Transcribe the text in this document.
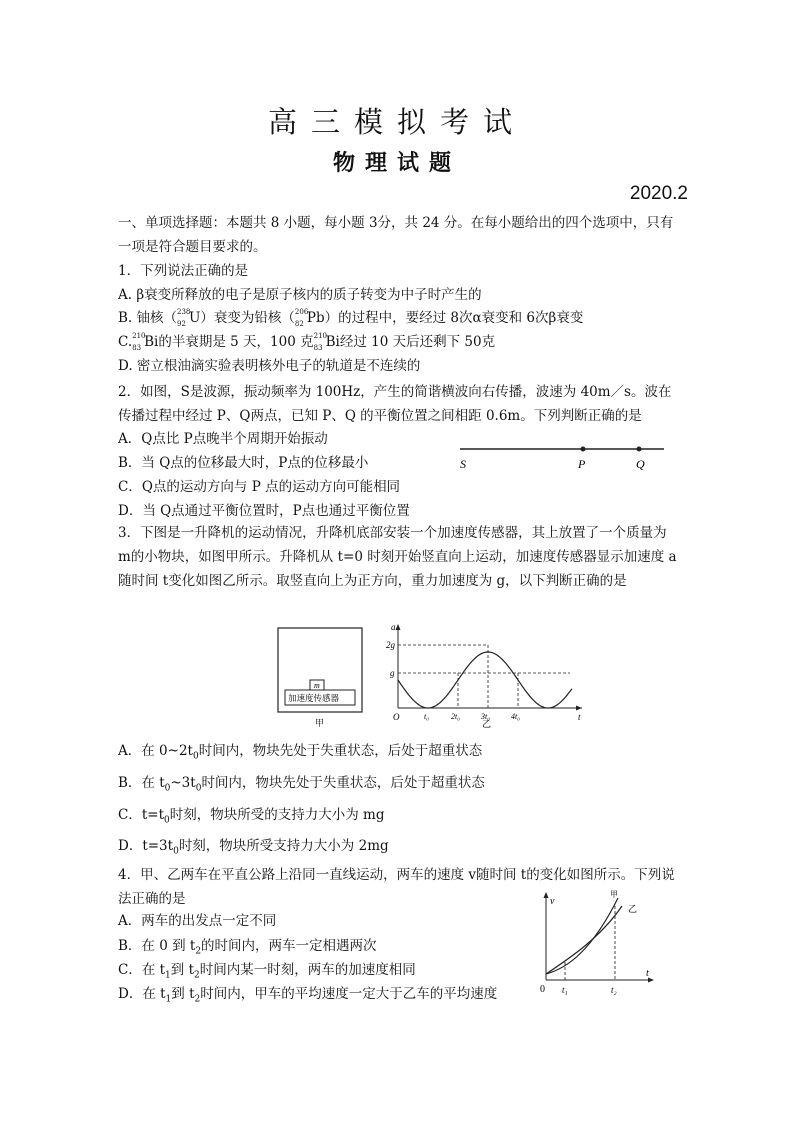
高三模拟考试
物理试题
2020.2
一、单项选择题：本题共 8 小题，每小题 3分，共 24 分。在每小题给出的四个选项中，只有一项是符合题目要求的。
1．下列说法正确的是
A. β衰变所释放的电子是原子核内的质子转变为中子时产生的
B. 铀核（ 238
92 U）衰变为铅核（ 206
82 Pb）的过程中，要经过 8次α衰变和 6次β衰变
C. 210
83 Bi的半衰期是 5 天，100 克 210
83 Bi经过 10 天后还剩下 50克
D. 密立根油滴实验表明核外电子的轨道是不连续的
2．如图，S是波源，振动频率为 100Hz，产生的简谐横波向右传播，波速为 40m／s。波在传播过程中经过 P、Q两点，已知 P、Q 的平衡位置之间相距 0.6m。下列判断正确的是
A．Q点比 P点晚半个周期开始振动
B．当 Q点的位移最大时，P点的位移最小
C．Q点的运动方向与 P 点的运动方向可能相同
D．当 Q点通过平衡位置时，P点也通过平衡位置
S	P	Q
3．下图是一升降机的运动情况，升降机底部安装一个加速度传感器，其上放置了一个质量为 m的小物块，如图甲所示。升降机从 t=0 时刻开始竖直向上运动，加速度传感器显示加速度 a随时间 t变化如图乙所示。取竖直向上为正方向，重力加速度为 g，以下判断正确的是
m
加速度传感器
甲
a
t
O
2g
g
t₀	2t₀	3t₀	4t₀
乙
A．在 $0\sim 2t_0$时间内，物块先处于失重状态，后处于超重状态
B．在 $t_0\sim 3t_0$时间内，物块先处于失重状态，后处于超重状态
C．$t=t_0$时刻，物块所受的支持力大小为 mg
D．$t=3t_0$时刻，物块所受支持力大小为 2mg
4．甲、乙两车在平直公路上沿同一直线运动，两车的速度 v随时间 t的变化如图所示。下列说法正确的是
A．两车的出发点一定不同
B．在 0 到 $t_2$的时间内，两车一定相遇两次
C．在 $t_1$到 $t_2$时间内某一时刻，两车的加速度相同
D．在 $t_1$到 $t_2$时间内，甲车的平均速度一定大于乙车的平均速度
v
t
0 t₁	t₂
甲
乙
